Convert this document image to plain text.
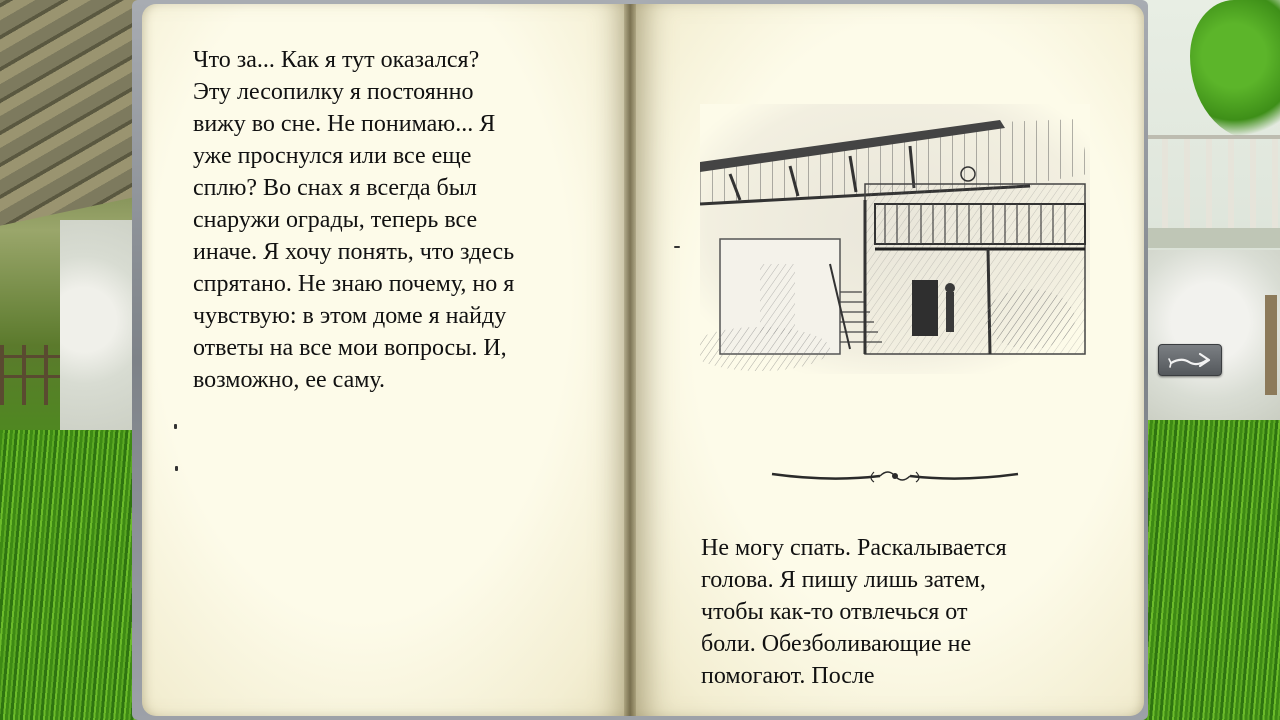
Что за... Как я тут оказался?
Эту лесопилку я постоянно
вижу во сне. Не понимаю... Я
уже проснулся или все еще
сплю? Во снах я всегда был
снаружи ограды, теперь все
иначе. Я хочу понять, что здесь
спрятано. Не знаю почему, но я
чувствую: в этом доме я найду
ответы на все мои вопросы. И,
возможно, ее саму.
Не могу спать. Раскалывается
голова. Я пишу лишь затем,
чтобы как-то отвлечься от
боли. Обезболивающие не
помогают. После
